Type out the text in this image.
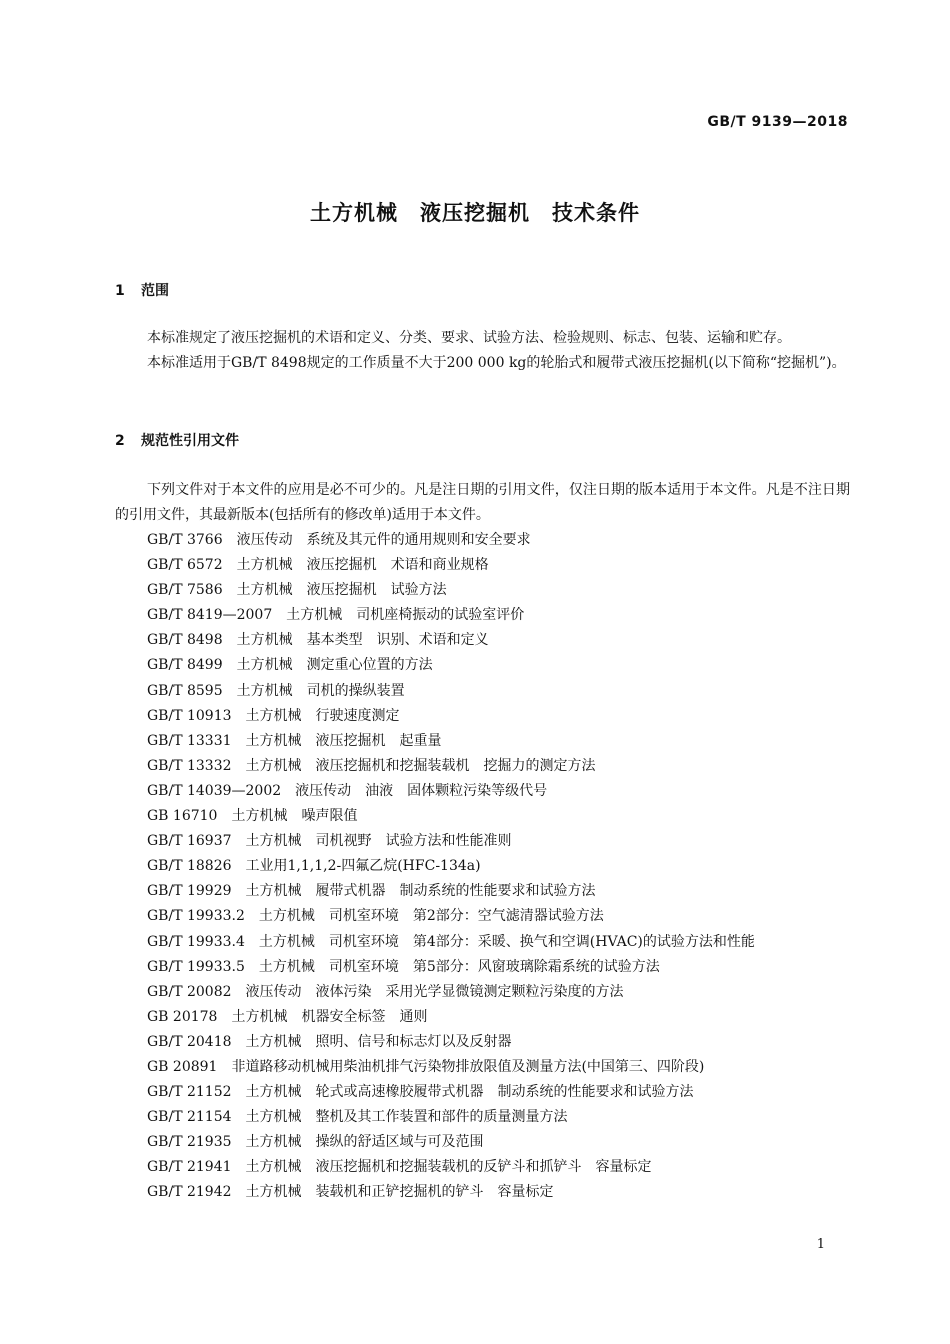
GB/T 9139—2018
土方机械　液压挖掘机　技术条件
1 范围

本标准规定了液压挖掘机的术语和定义、分类、要求、试验方法、检验规则、标志、包装、运输和贮存。

本标准适用于GB/T 8498规定的工作质量不大于200 000 kg的轮胎式和履带式液压挖掘机(以下简称“挖掘机”)。

2 规范性引用文件

下列文件对于本文件的应用是必不可少的。凡是注日期的引用文件，仅注日期的版本适用于本文件。凡是不注日期的引用文件，其最新版本(包括所有的修改单)适用于本文件。

GB/T 3766　液压传动　系统及其元件的通用规则和安全要求
GB/T 6572　土方机械　液压挖掘机　术语和商业规格
GB/T 7586　土方机械　液压挖掘机　试验方法
GB/T 8419—2007　土方机械　司机座椅振动的试验室评价
GB/T 8498　土方机械　基本类型　识别、术语和定义
GB/T 8499　土方机械　测定重心位置的方法
GB/T 8595　土方机械　司机的操纵装置
GB/T 10913　土方机械　行驶速度测定
GB/T 13331　土方机械　液压挖掘机　起重量
GB/T 13332　土方机械　液压挖掘机和挖掘装载机　挖掘力的测定方法
GB/T 14039—2002　液压传动　油液　固体颗粒污染等级代号
GB 16710　土方机械　噪声限值
GB/T 16937　土方机械　司机视野　试验方法和性能准则
GB/T 18826　工业用1,1,1,2-四氟乙烷(HFC-134a)
GB/T 19929　土方机械　履带式机器　制动系统的性能要求和试验方法
GB/T 19933.2　土方机械　司机室环境　第2部分：空气滤清器试验方法
GB/T 19933.4　土方机械　司机室环境　第4部分：采暖、换气和空调(HVAC)的试验方法和性能
GB/T 19933.5　土方机械　司机室环境　第5部分：风窗玻璃除霜系统的试验方法
GB/T 20082　液压传动　液体污染　采用光学显微镜测定颗粒污染度的方法
GB 20178　土方机械　机器安全标签　通则
GB/T 20418　土方机械　照明、信号和标志灯以及反射器
GB 20891　非道路移动机械用柴油机排气污染物排放限值及测量方法(中国第三、四阶段)
GB/T 21152　土方机械　轮式或高速橡胶履带式机器　制动系统的性能要求和试验方法
GB/T 21154　土方机械　整机及其工作装置和部件的质量测量方法
GB/T 21935　土方机械　操纵的舒适区域与可及范围
GB/T 21941　土方机械　液压挖掘机和挖掘装载机的反铲斗和抓铲斗　容量标定
GB/T 21942　土方机械　装载机和正铲挖掘机的铲斗　容量标定
1
